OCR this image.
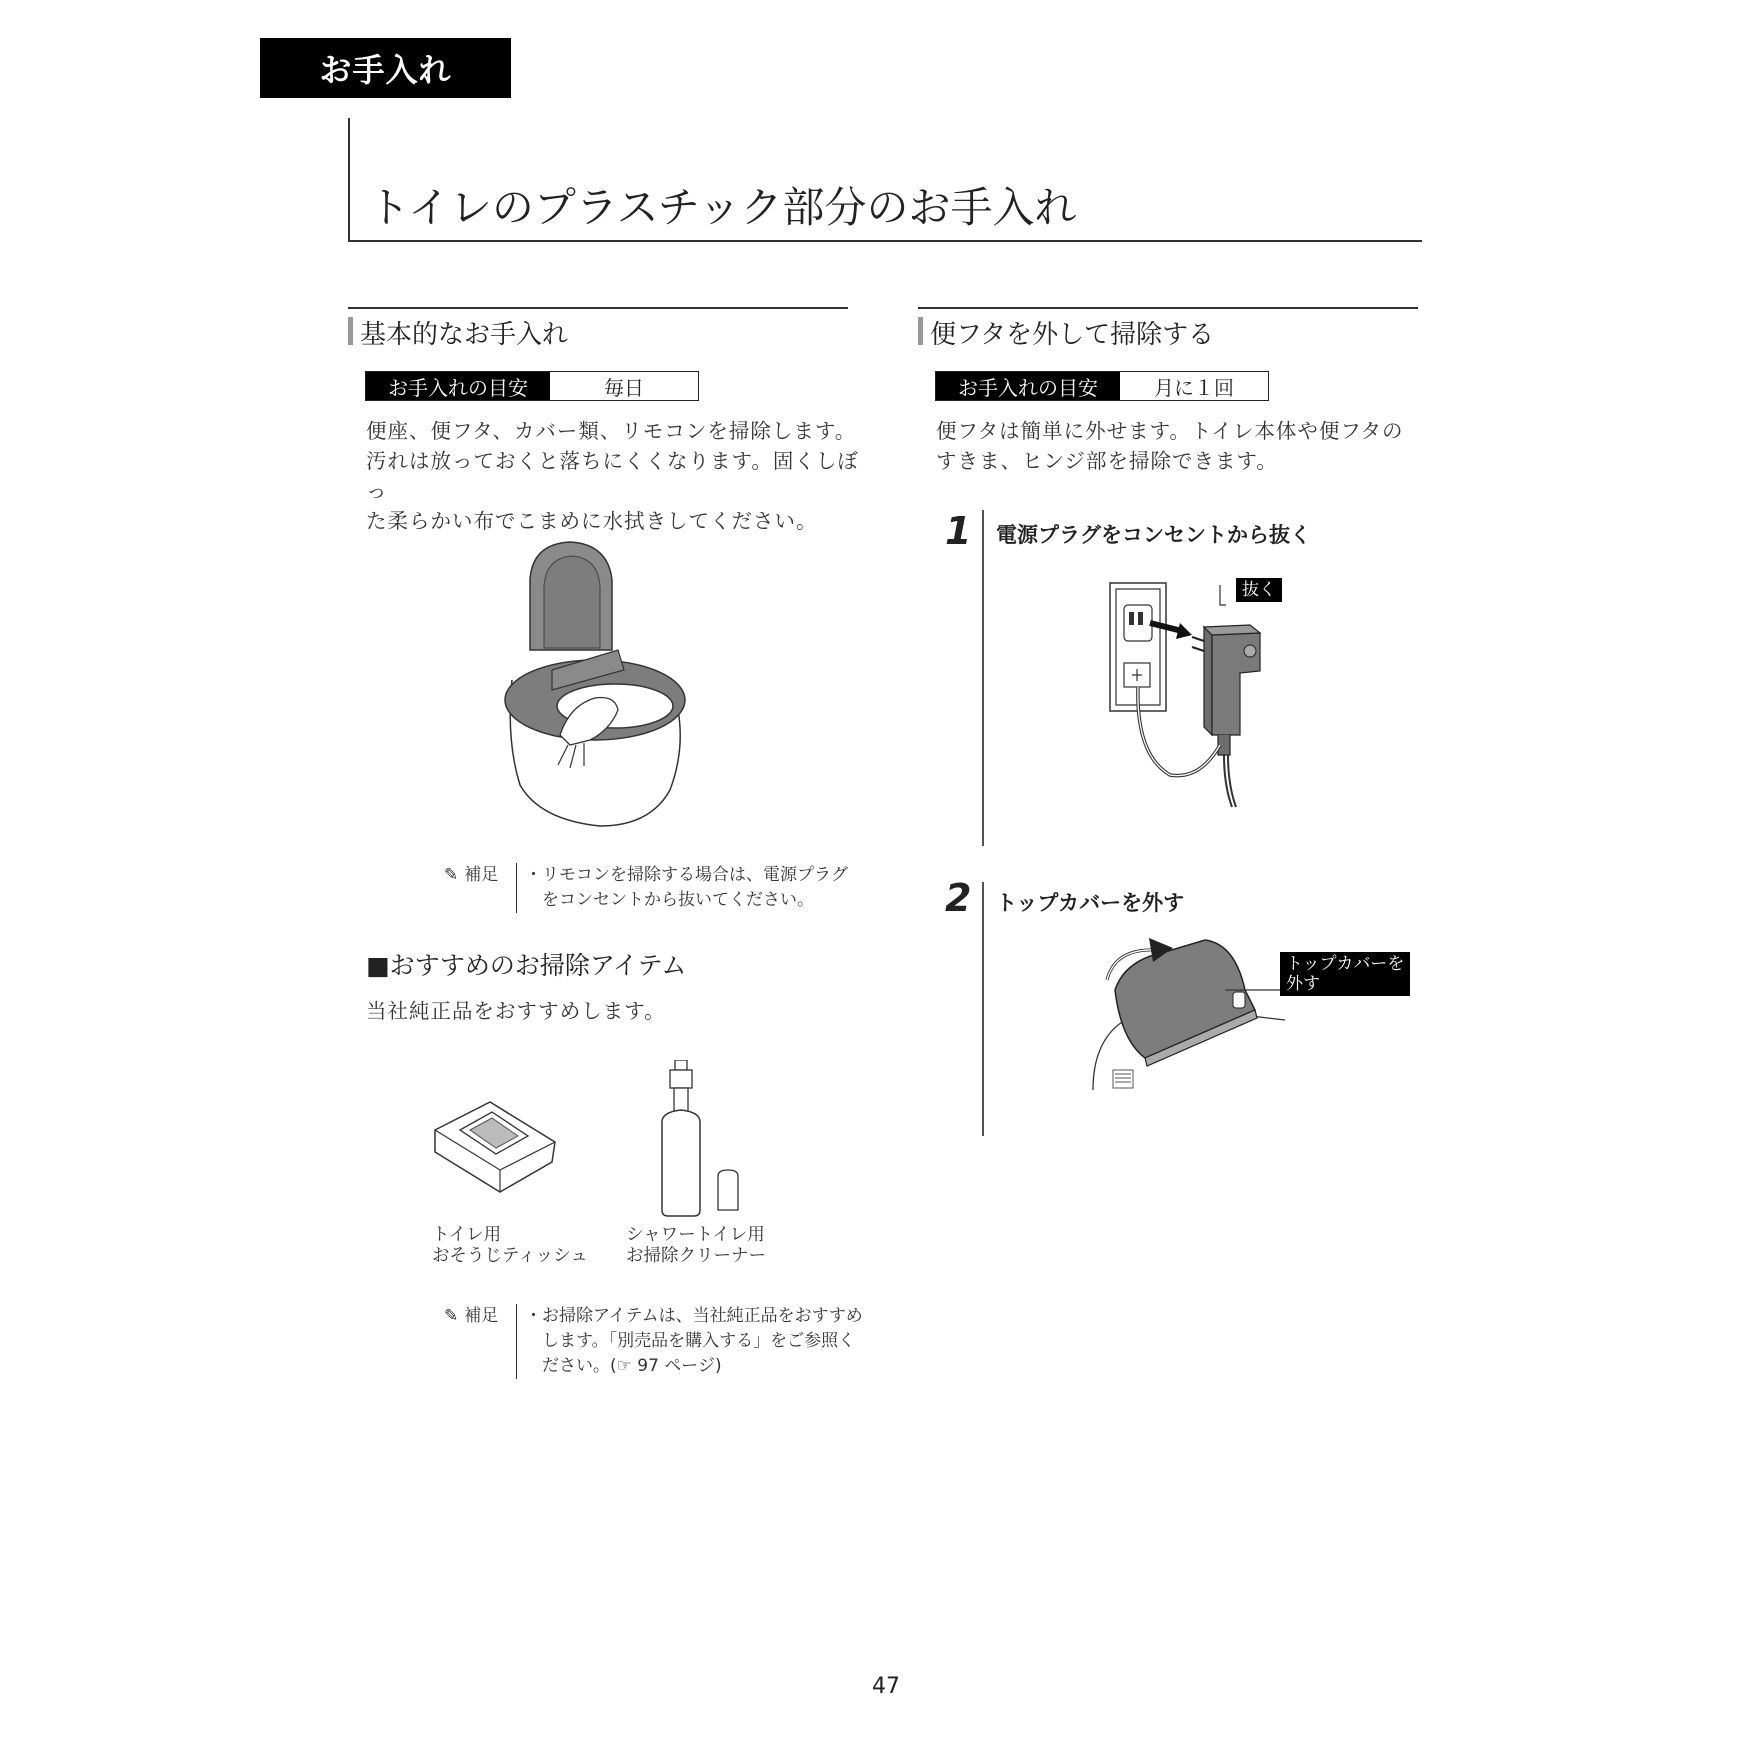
お手入れ
トイレのプラスチック部分のお手入れ
基本的なお手入れ
お手入れの目安	毎日
便座、便フタ、カバー類、リモコンを掃除します。
汚れは放っておくと落ちにくくなります。固くしぼっ
た柔らかい布でこまめに水拭きしてください。
✎ 補足 ・リモコンを掃除する場合は、電源プラグ
　をコンセントから抜いてください。
■おすすめのお掃除アイテム
当社純正品をおすすめします。
トイレ用
おそうじティッシュ
シャワートイレ用
お掃除クリーナー
✎ 補足 ・お掃除アイテムは、当社純正品をおすすめ
　します。「別売品を購入する」をご参照く
　ださい。(☞ 97 ページ)
便フタを外して掃除する
お手入れの目安	月に１回
便フタは簡単に外せます。トイレ本体や便フタの
すきま、ヒンジ部を掃除できます。
1 電源プラグをコンセントから抜く
抜く
2 トップカバーを外す
トップカバーを
外す
47
